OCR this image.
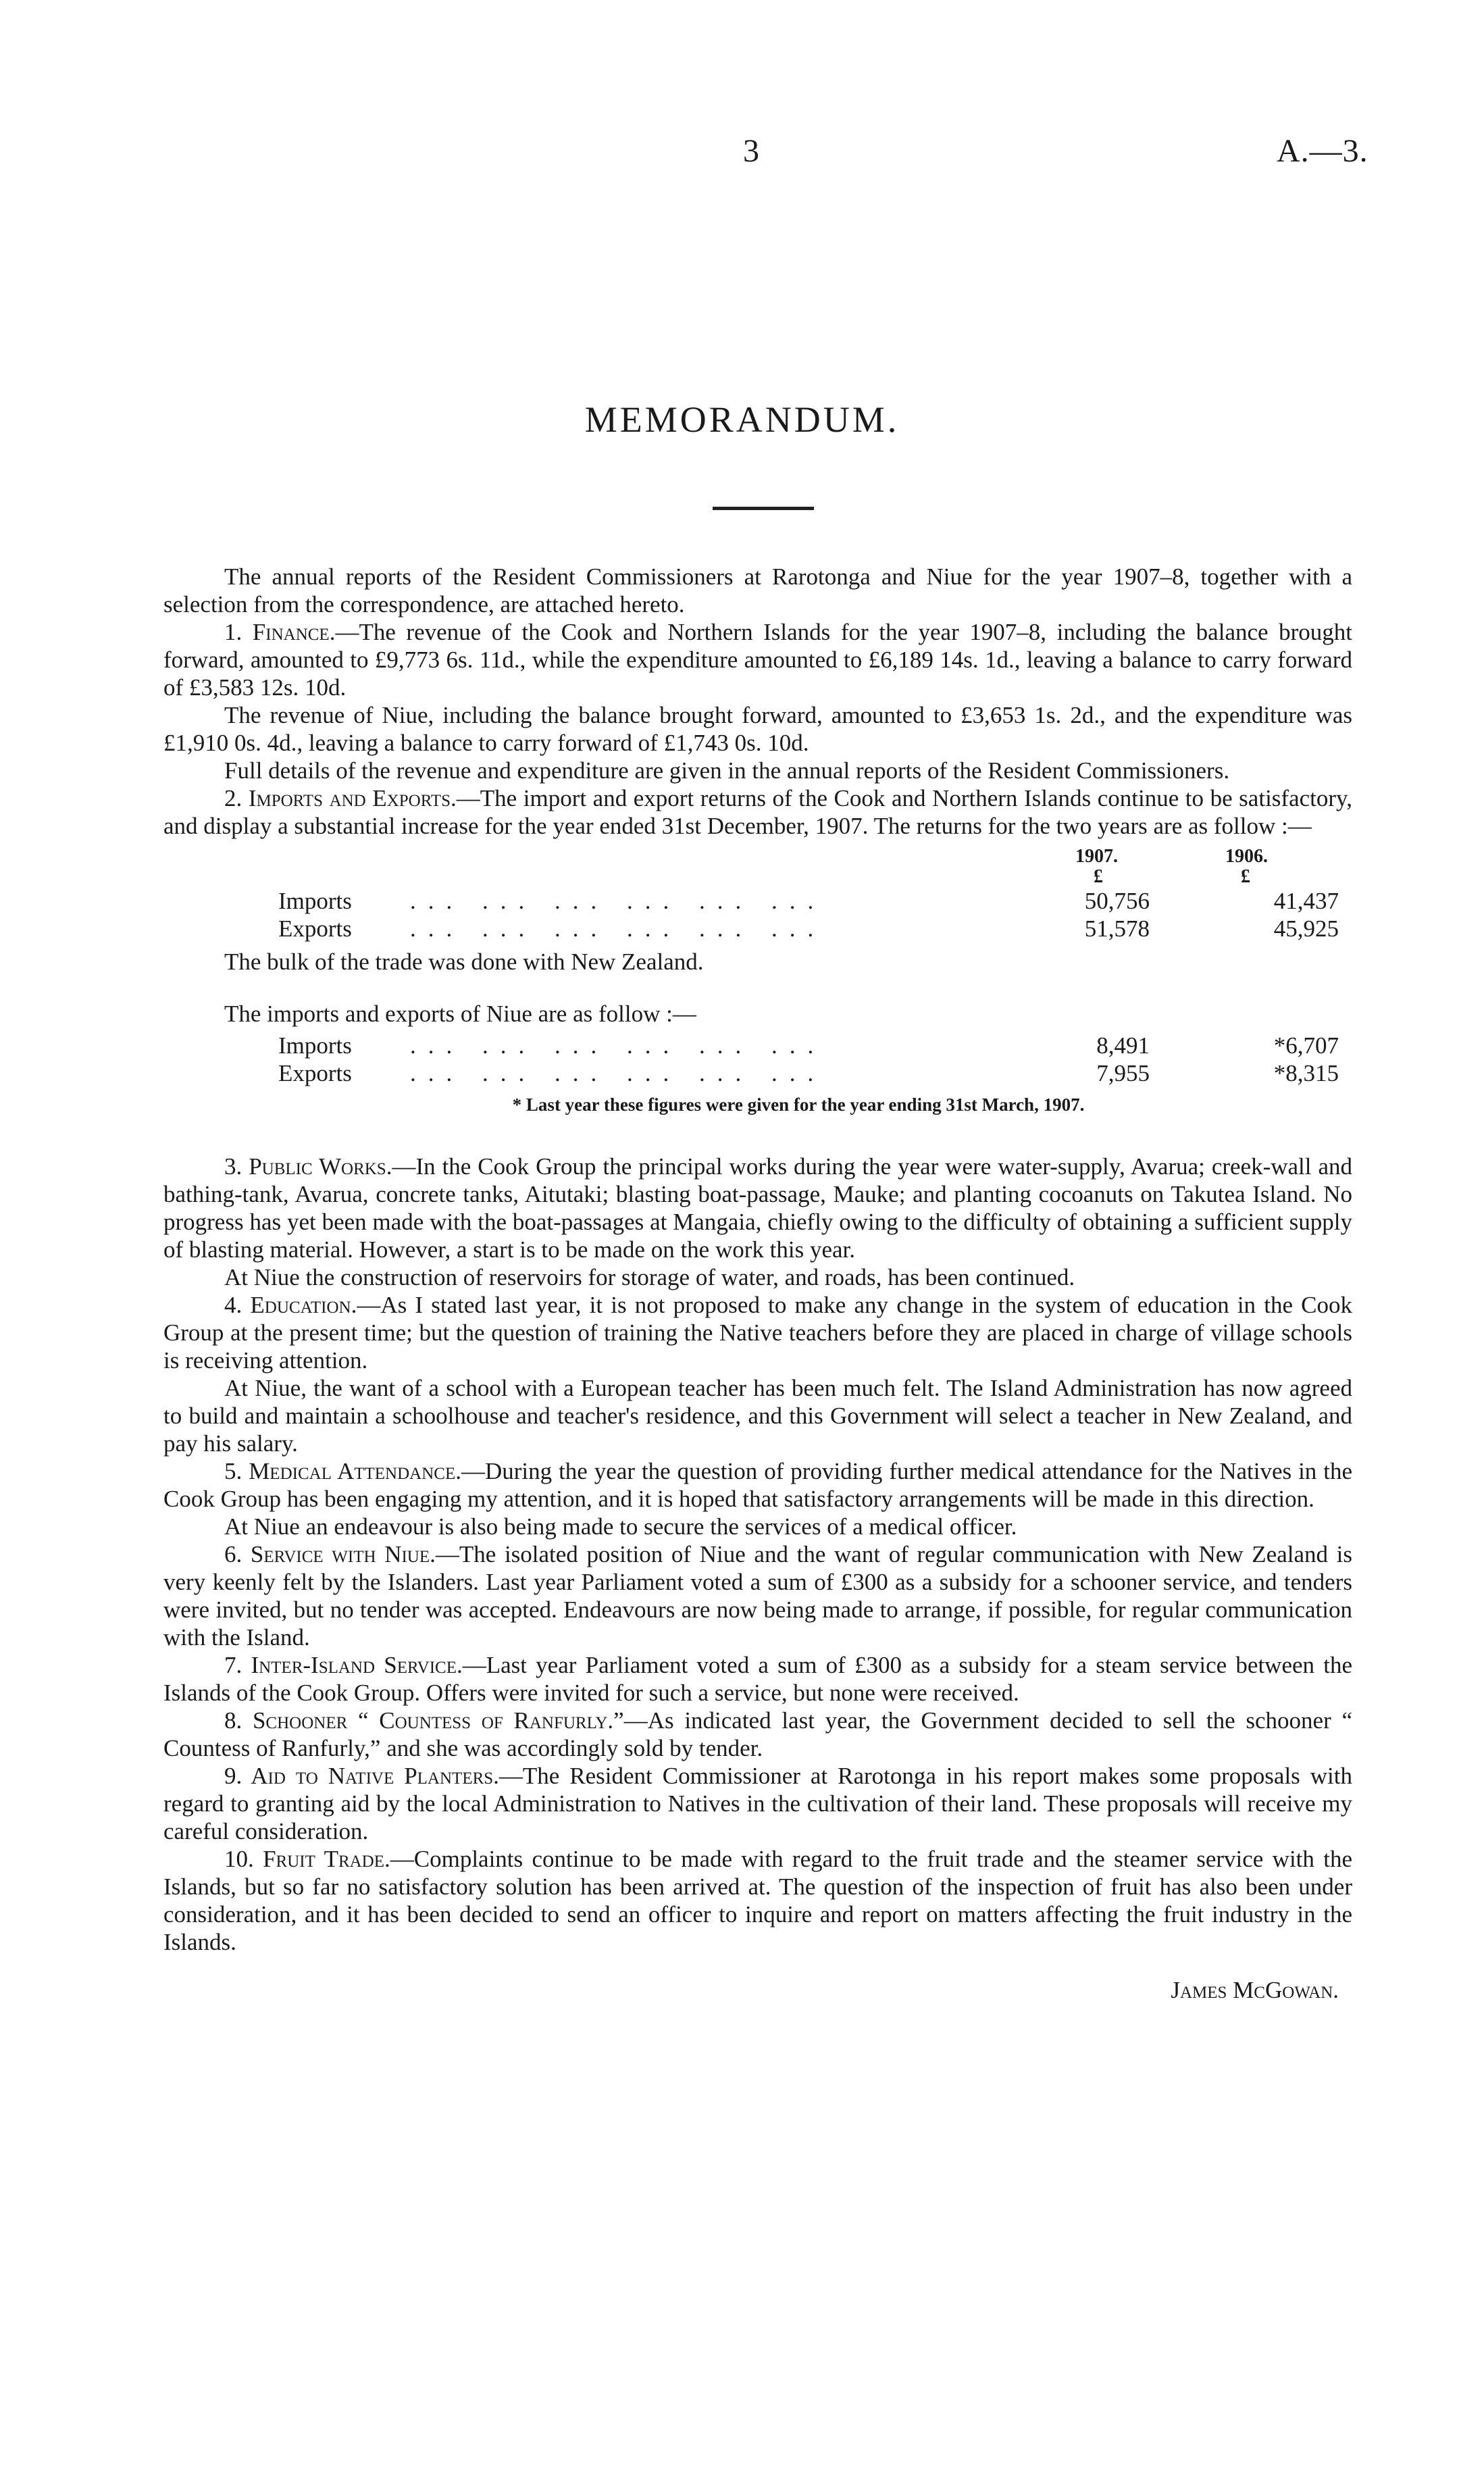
3	A.—3.
MEMORANDUM.

The annual reports of the Resident Commissioners at Rarotonga and Niue for the year 1907–8, together with a selection from the correspondence, are attached hereto.

1. Finance.—The revenue of the Cook and Northern Islands for the year 1907–8, including the balance brought forward, amounted to £9,773 6s. 11d., while the expenditure amounted to £6,189 14s. 1d., leaving a balance to carry forward of £3,583 12s. 10d.

The revenue of Niue, including the balance brought forward, amounted to £3,653 1s. 2d., and the expenditure was £1,910 0s. 4d., leaving a balance to carry forward of £1,743 0s. 10d.

Full details of the revenue and expenditure are given in the annual reports of the Resident Commissioners.

2. Imports and Exports.—The import and export returns of the Cook and Northern Islands continue to be satisfactory, and display a substantial increase for the year ended 31st December, 1907. The returns for the two years are as follow :—

1907.
£
1906.
£
Imports ... ... ... ... ... ...	50,756	41,437
Exports ... ... ... ... ... ...	51,578	45,925

The bulk of the trade was done with New Zealand.

The imports and exports of Niue are as follow :—

Imports ... ... ... ... ... ...	8,491	*6,707
Exports ... ... ... ... ... ...	7,955	*8,315

* Last year these figures were given for the year ending 31st March, 1907.

3. Public Works.—In the Cook Group the principal works during the year were water-supply, Avarua; creek-wall and bathing-tank, Avarua, concrete tanks, Aitutaki; blasting boat-passage, Mauke; and planting cocoanuts on Takutea Island. No progress has yet been made with the boat-passages at Mangaia, chiefly owing to the difficulty of obtaining a sufficient supply of blasting material. However, a start is to be made on the work this year.

At Niue the construction of reservoirs for storage of water, and roads, has been continued.

4. Education.—As I stated last year, it is not proposed to make any change in the system of education in the Cook Group at the present time; but the question of training the Native teachers before they are placed in charge of village schools is receiving attention.

At Niue, the want of a school with a European teacher has been much felt. The Island Administration has now agreed to build and maintain a schoolhouse and teacher's residence, and this Government will select a teacher in New Zealand, and pay his salary.

5. Medical Attendance.—During the year the question of providing further medical attendance for the Natives in the Cook Group has been engaging my attention, and it is hoped that satisfactory arrangements will be made in this direction.

At Niue an endeavour is also being made to secure the services of a medical officer.

6. Service with Niue.—The isolated position of Niue and the want of regular communication with New Zealand is very keenly felt by the Islanders. Last year Parliament voted a sum of £300 as a subsidy for a schooner service, and tenders were invited, but no tender was accepted. Endeavours are now being made to arrange, if possible, for regular communication with the Island.

7. Inter-Island Service.—Last year Parliament voted a sum of £300 as a subsidy for a steam service between the Islands of the Cook Group. Offers were invited for such a service, but none were received.

8. Schooner “ Countess of Ranfurly.”—As indicated last year, the Government decided to sell the schooner “ Countess of Ranfurly,” and she was accordingly sold by tender.

9. Aid to Native Planters.—The Resident Commissioner at Rarotonga in his report makes some proposals with regard to granting aid by the local Administration to Natives in the cultivation of their land. These proposals will receive my careful consideration.

10. Fruit Trade.—Complaints continue to be made with regard to the fruit trade and the steamer service with the Islands, but so far no satisfactory solution has been arrived at. The question of the inspection of fruit has also been under consideration, and it has been decided to send an officer to inquire and report on matters affecting the fruit industry in the Islands.

James McGowan.
